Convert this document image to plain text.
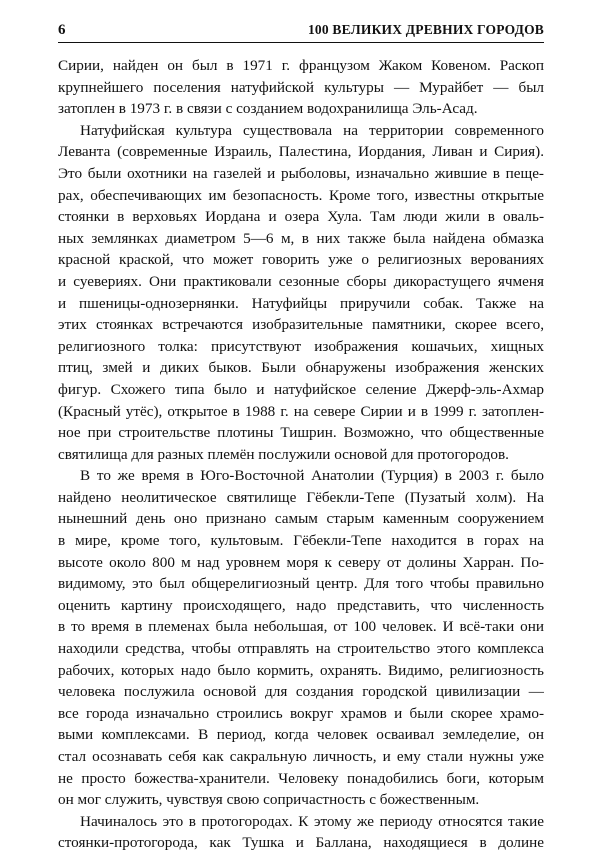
6	100 ВЕЛИКИХ ДРЕВНИХ ГОРОДОВ
Сирии, найден он был в 1971 г. французом Жаком Ковеном. Раскоп
крупнейшего поселения натуфийской культуры — Мурайбет — был
затоплен в 1973 г. в связи с созданием водохранилища Эль-Асад.
Натуфийская культура существовала на территории современного
Леванта (современные Израиль, Палестина, Иордания, Ливан и Сирия).
Это были охотники на газелей и рыболовы, изначально жившие в пеще-
рах, обеспечивающих им безопасность. Кроме того, известны открытые
стоянки в верховьях Иордана и озера Хула. Там люди жили в оваль-
ных землянках диаметром 5—6 м, в них также была найдена обмазка
красной краской, что может говорить уже о религиозных верованиях
и суевериях. Они практиковали сезонные сборы дикорастущего ячменя
и пшеницы-однозернянки. Натуфийцы приручили собак. Также на
этих стоянках встречаются изобразительные памятники, скорее всего,
религиозного толка: присутствуют изображения кошачьих, хищных
птиц, змей и диких быков. Были обнаружены изображения женских
фигур. Схожего типа было и натуфийское селение Джерф-эль-Ахмар
(Красный утёс), открытое в 1988 г. на севере Сирии и в 1999 г. затоплен-
ное при строительстве плотины Тишрин. Возможно, что общественные
святилища для разных племён послужили основой для протогородов.
В то же время в Юго-Восточной Анатолии (Турция) в 2003 г. было
найдено неолитическое святилище Гёбекли-Тепе (Пузатый холм). На
нынешний день оно признано самым старым каменным сооружением
в мире, кроме того, культовым. Гёбекли-Тепе находится в горах на
высоте около 800 м над уровнем моря к северу от долины Харран. По-
видимому, это был общерелигиозный центр. Для того чтобы правильно
оценить картину происходящего, надо представить, что численность
в то время в племенах была небольшая, от 100 человек. И всё-таки они
находили средства, чтобы отправлять на строительство этого комплекса
рабочих, которых надо было кормить, охранять. Видимо, религиозность
человека послужила основой для создания городской цивилизации —
все города изначально строились вокруг храмов и были скорее храмо-
выми комплексами. В период, когда человек осваивал земледелие, он
стал осознавать себя как сакральную личность, и ему стали нужны уже
не просто божества-хранители. Человеку понадобились боги, которым
он мог служить, чувствуя свою сопричастность с божественным.
Начиналось это в протогородах. К этому же периоду относятся такие
стоянки-протогорода, как Тушка и Баллана, находящиеся в долине
